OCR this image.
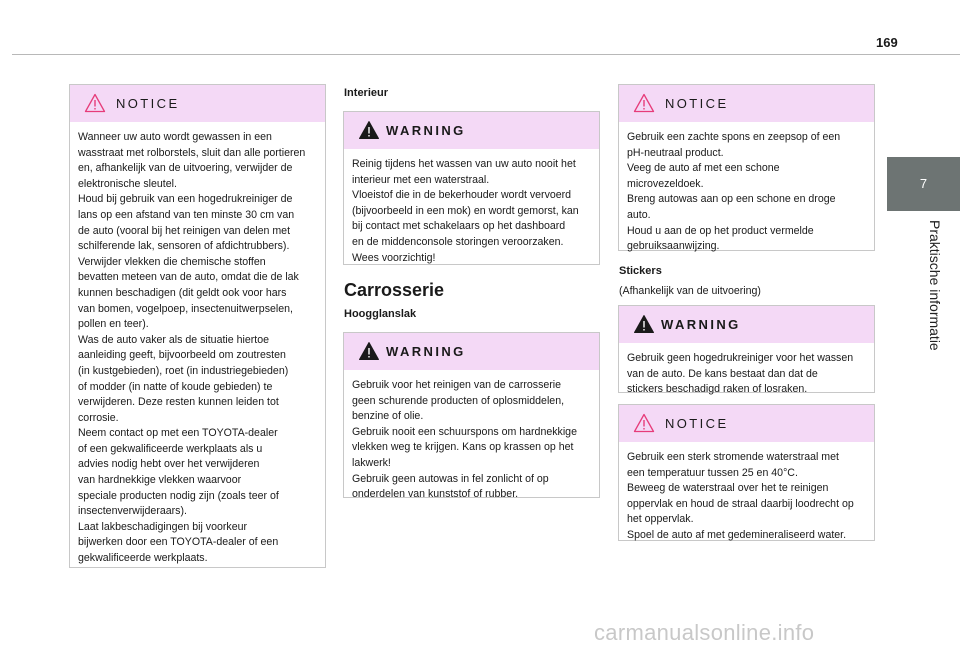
169
7
Praktische informatie
NOTICE
Wanneer uw auto wordt gewassen in een
wasstraat met rolborstels, sluit dan alle portieren
en, afhankelijk van de uitvoering, verwijder de
elektronische sleutel.
Houd bij gebruik van een hogedrukreiniger de
lans op een afstand van ten minste 30 cm van
de auto (vooral bij het reinigen van delen met
schilferende lak, sensoren of afdichtrubbers).
Verwijder vlekken die chemische stoffen
bevatten meteen van de auto, omdat die de lak
kunnen beschadigen (dit geldt ook voor hars
van bomen, vogelpoep, insectenuitwerpselen,
pollen en teer).
Was de auto vaker als de situatie hiertoe
aanleiding geeft, bijvoorbeeld om zoutresten
(in kustgebieden), roet (in industriegebieden)
of modder (in natte of koude gebieden) te
verwijderen. Deze resten kunnen leiden tot
corrosie.
Neem contact op met een TOYOTA-dealer
of een gekwalificeerde werkplaats als u
advies nodig hebt over het verwijderen
van hardnekkige vlekken waarvoor
speciale producten nodig zijn (zoals teer of
insectenverwijderaars).
Laat lakbeschadigingen bij voorkeur
bijwerken door een TOYOTA-dealer of een
gekwalificeerde werkplaats.
Interieur
WARNING
Reinig tijdens het wassen van uw auto nooit het
interieur met een waterstraal.
Vloeistof die in de bekerhouder wordt vervoerd
(bijvoorbeeld in een mok) en wordt gemorst, kan
bij contact met schakelaars op het dashboard
en de middenconsole storingen veroorzaken.
Wees voorzichtig!
Carrosserie
Hoogglanslak
WARNING
Gebruik voor het reinigen van de carrosserie
geen schurende producten of oplosmiddelen,
benzine of olie.
Gebruik nooit een schuurspons om hardnekkige
vlekken weg te krijgen. Kans op krassen op het
lakwerk!
Gebruik geen autowas in fel zonlicht of op
onderdelen van kunststof of rubber.
NOTICE
Gebruik een zachte spons en zeepsop of een
pH-neutraal product.
Veeg de auto af met een schone
microvezeldoek.
Breng autowas aan op een schone en droge
auto.
Houd u aan de op het product vermelde
gebruiksaanwijzing.
Stickers
(Afhankelijk van de uitvoering)
WARNING
Gebruik geen hogedrukreiniger voor het wassen
van de auto. De kans bestaat dan dat de
stickers beschadigd raken of losraken.
NOTICE
Gebruik een sterk stromende waterstraal met
een temperatuur tussen 25 en 40°C.
Beweeg de waterstraal over het te reinigen
oppervlak en houd de straal daarbij loodrecht op
het oppervlak.
Spoel de auto af met gedemineraliseerd water.
carmanualsonline.info
